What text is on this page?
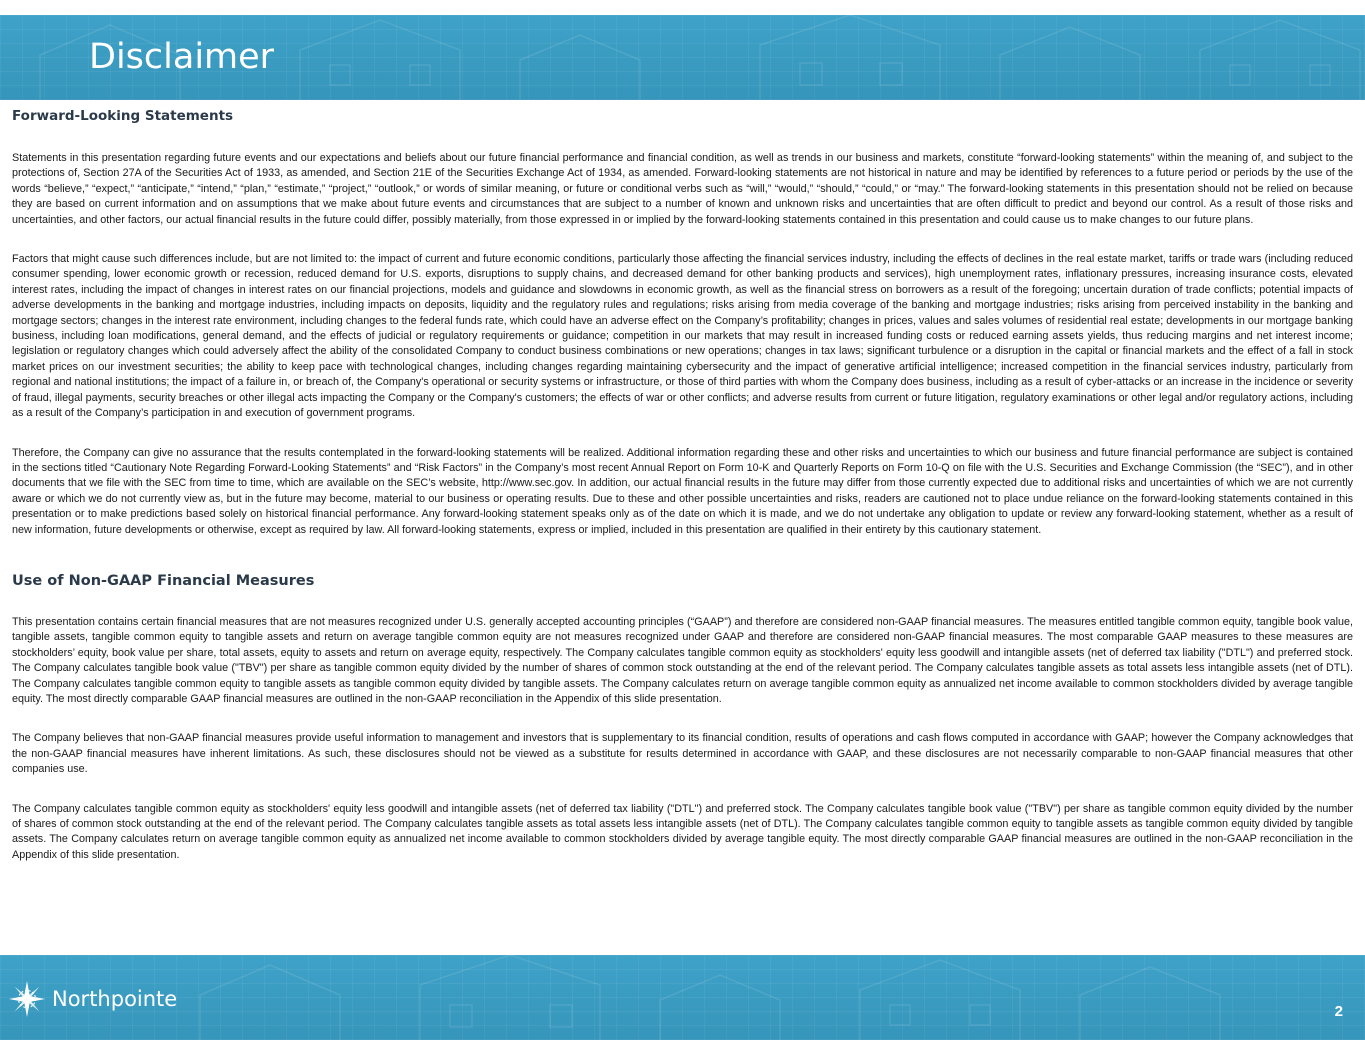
Disclaimer
Forward-Looking Statements

Statements in this presentation regarding future events and our expectations and beliefs about our future financial performance and financial condition, as well as trends in our business and markets, constitute “forward-looking statements” within the meaning of, and subject to the protections of, Section 27A of the Securities Act of 1933, as amended, and Section 21E of the Securities Exchange Act of 1934, as amended. Forward-looking statements are not historical in nature and may be identified by references to a future period or periods by the use of the words “believe,” “expect,” “anticipate,” “intend,” “plan,” “estimate,” “project,” “outlook,” or words of similar meaning, or future or conditional verbs such as “will,” “would,” “should,” “could,” or “may.” The forward-looking statements in this presentation should not be relied on because they are based on current information and on assumptions that we make about future events and circumstances that are subject to a number of known and unknown risks and uncertainties that are often difficult to predict and beyond our control. As a result of those risks and uncertainties, and other factors, our actual financial results in the future could differ, possibly materially, from those expressed in or implied by the forward-looking statements contained in this presentation and could cause us to make changes to our future plans.

Factors that might cause such differences include, but are not limited to: the impact of current and future economic conditions, particularly those affecting the financial services industry, including the effects of declines in the real estate market, tariffs or trade wars (including reduced consumer spending, lower economic growth or recession, reduced demand for U.S. exports, disruptions to supply chains, and decreased demand for other banking products and services), high unemployment rates, inflationary pressures, increasing insurance costs, elevated interest rates, including the impact of changes in interest rates on our financial projections, models and guidance and slowdowns in economic growth, as well as the financial stress on borrowers as a result of the foregoing; uncertain duration of trade conflicts; potential impacts of adverse developments in the banking and mortgage industries, including impacts on deposits, liquidity and the regulatory rules and regulations; risks arising from media coverage of the banking and mortgage industries; risks arising from perceived instability in the banking and mortgage sectors; changes in the interest rate environment, including changes to the federal funds rate, which could have an adverse effect on the Company’s profitability; changes in prices, values and sales volumes of residential real estate; developments in our mortgage banking business, including loan modifications, general demand, and the effects of judicial or regulatory requirements or guidance; competition in our markets that may result in increased funding costs or reduced earning assets yields, thus reducing margins and net interest income; legislation or regulatory changes which could adversely affect the ability of the consolidated Company to conduct business combinations or new operations; changes in tax laws; significant turbulence or a disruption in the capital or financial markets and the effect of a fall in stock market prices on our investment securities; the ability to keep pace with technological changes, including changes regarding maintaining cybersecurity and the impact of generative artificial intelligence; increased competition in the financial services industry, particularly from regional and national institutions; the impact of a failure in, or breach of, the Company's operational or security systems or infrastructure, or those of third parties with whom the Company does business, including as a result of cyber-attacks or an increase in the incidence or severity of fraud, illegal payments, security breaches or other illegal acts impacting the Company or the Company's customers; the effects of war or other conflicts; and adverse results from current or future litigation, regulatory examinations or other legal and/or regulatory actions, including as a result of the Company’s participation in and execution of government programs.

Therefore, the Company can give no assurance that the results contemplated in the forward-looking statements will be realized. Additional information regarding these and other risks and uncertainties to which our business and future financial performance are subject is contained in the sections titled “Cautionary Note Regarding Forward-Looking Statements” and “Risk Factors” in the Company’s most recent Annual Report on Form 10-K and Quarterly Reports on Form 10-Q on file with the U.S. Securities and Exchange Commission (the “SEC”), and in other documents that we file with the SEC from time to time, which are available on the SEC’s website, http://www.sec.gov. In addition, our actual financial results in the future may differ from those currently expected due to additional risks and uncertainties of which we are not currently aware or which we do not currently view as, but in the future may become, material to our business or operating results. Due to these and other possible uncertainties and risks, readers are cautioned not to place undue reliance on the forward-looking statements contained in this presentation or to make predictions based solely on historical financial performance. Any forward-looking statement speaks only as of the date on which it is made, and we do not undertake any obligation to update or review any forward-looking statement, whether as a result of new information, future developments or otherwise, except as required by law. All forward-looking statements, express or implied, included in this presentation are qualified in their entirety by this cautionary statement.

Use of Non-GAAP Financial Measures

This presentation contains certain financial measures that are not measures recognized under U.S. generally accepted accounting principles (“GAAP”) and therefore are considered non-GAAP financial measures. The measures entitled tangible common equity, tangible book value, tangible assets, tangible common equity to tangible assets and return on average tangible common equity are not measures recognized under GAAP and therefore are considered non-GAAP financial measures. The most comparable GAAP measures to these measures are stockholders’ equity, book value per share, total assets, equity to assets and return on average equity, respectively. The Company calculates tangible common equity as stockholders' equity less goodwill and intangible assets (net of deferred tax liability ("DTL") and preferred stock. The Company calculates tangible book value ("TBV") per share as tangible common equity divided by the number of shares of common stock outstanding at the end of the relevant period. The Company calculates tangible assets as total assets less intangible assets (net of DTL). The Company calculates tangible common equity to tangible assets as tangible common equity divided by tangible assets. The Company calculates return on average tangible common equity as annualized net income available to common stockholders divided by average tangible equity. The most directly comparable GAAP financial measures are outlined in the non-GAAP reconciliation in the Appendix of this slide presentation.

The Company believes that non-GAAP financial measures provide useful information to management and investors that is supplementary to its financial condition, results of operations and cash flows computed in accordance with GAAP; however the Company acknowledges that the non-GAAP financial measures have inherent limitations. As such, these disclosures should not be viewed as a substitute for results determined in accordance with GAAP, and these disclosures are not necessarily comparable to non-GAAP financial measures that other companies use.

The Company calculates tangible common equity as stockholders' equity less goodwill and intangible assets (net of deferred tax liability ("DTL") and preferred stock. The Company calculates tangible book value ("TBV") per share as tangible common equity divided by the number of shares of common stock outstanding at the end of the relevant period. The Company calculates tangible assets as total assets less intangible assets (net of DTL). The Company calculates tangible common equity to tangible assets as tangible common equity divided by tangible assets. The Company calculates return on average tangible common equity as annualized net income available to common stockholders divided by average tangible equity. The most directly comparable GAAP financial measures are outlined in the non-GAAP reconciliation in the Appendix of this slide presentation.

Northpointe
2
